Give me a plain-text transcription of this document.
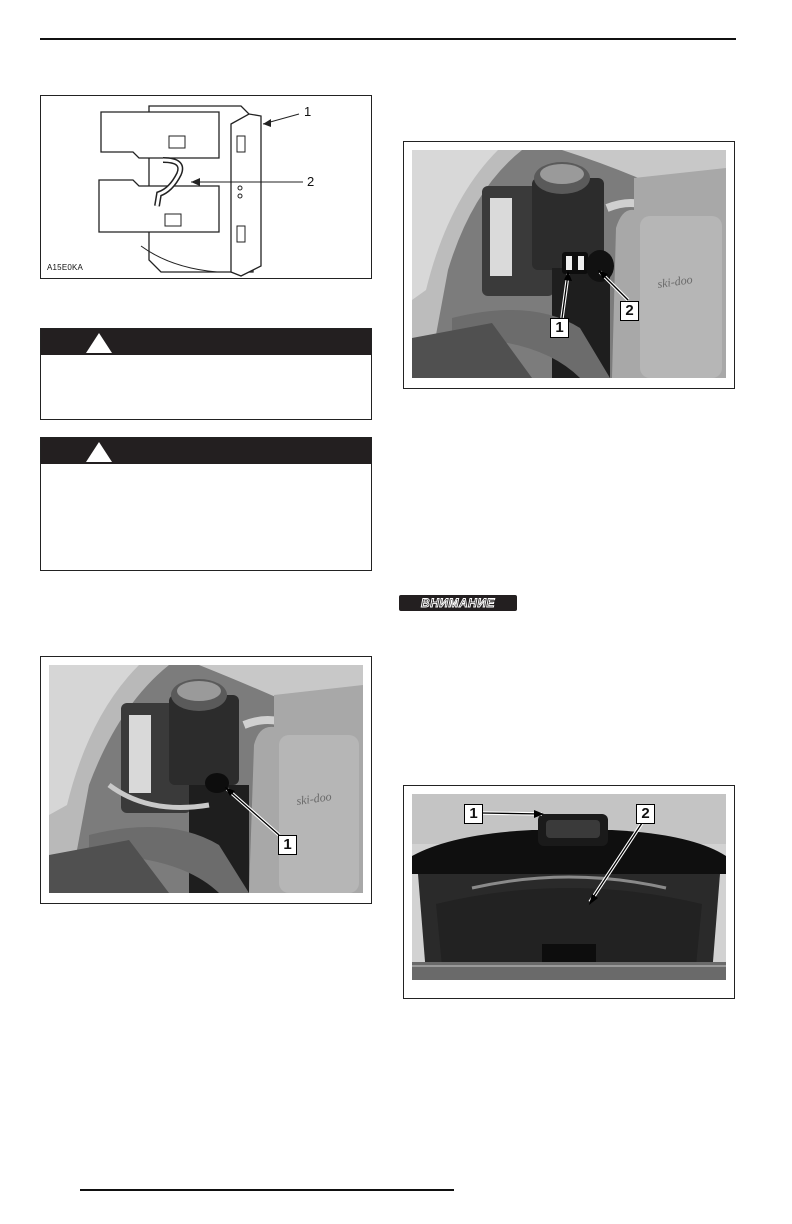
1
2
A15E0KA
ski-doo
1
ski-doo
1
2
ВНИМАНИЕ
1	2
